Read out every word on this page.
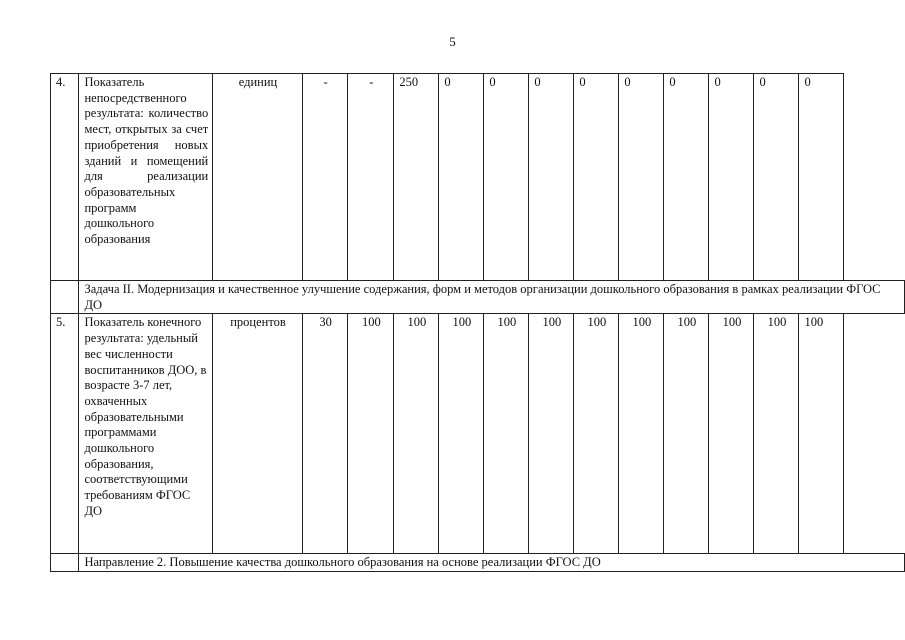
5
4.	Показатель непосредственного результата: количество мест, открытых за счет приобретения новых зданий и помещений для реализации образовательных программ дошкольного образования	единиц	-	-	250	0	0	0	0	0	0	0	0	0
	Задача II. Модернизация и качественное улучшение содержания, форм и методов организации дошкольного образования в рамках реализации ФГОС ДО													
5.	Показатель конечного результата: удельный вес численности воспитанников ДОО, в возрасте 3-7 лет, охваченных образовательными программами дошкольного образования, соответствующими требованиям ФГОС ДО	процентов	30	100	100	100	100	100	100	100	100	100	100	100
	Направление 2. Повышение качества дошкольного образования на основе реализации ФГОС ДО													
